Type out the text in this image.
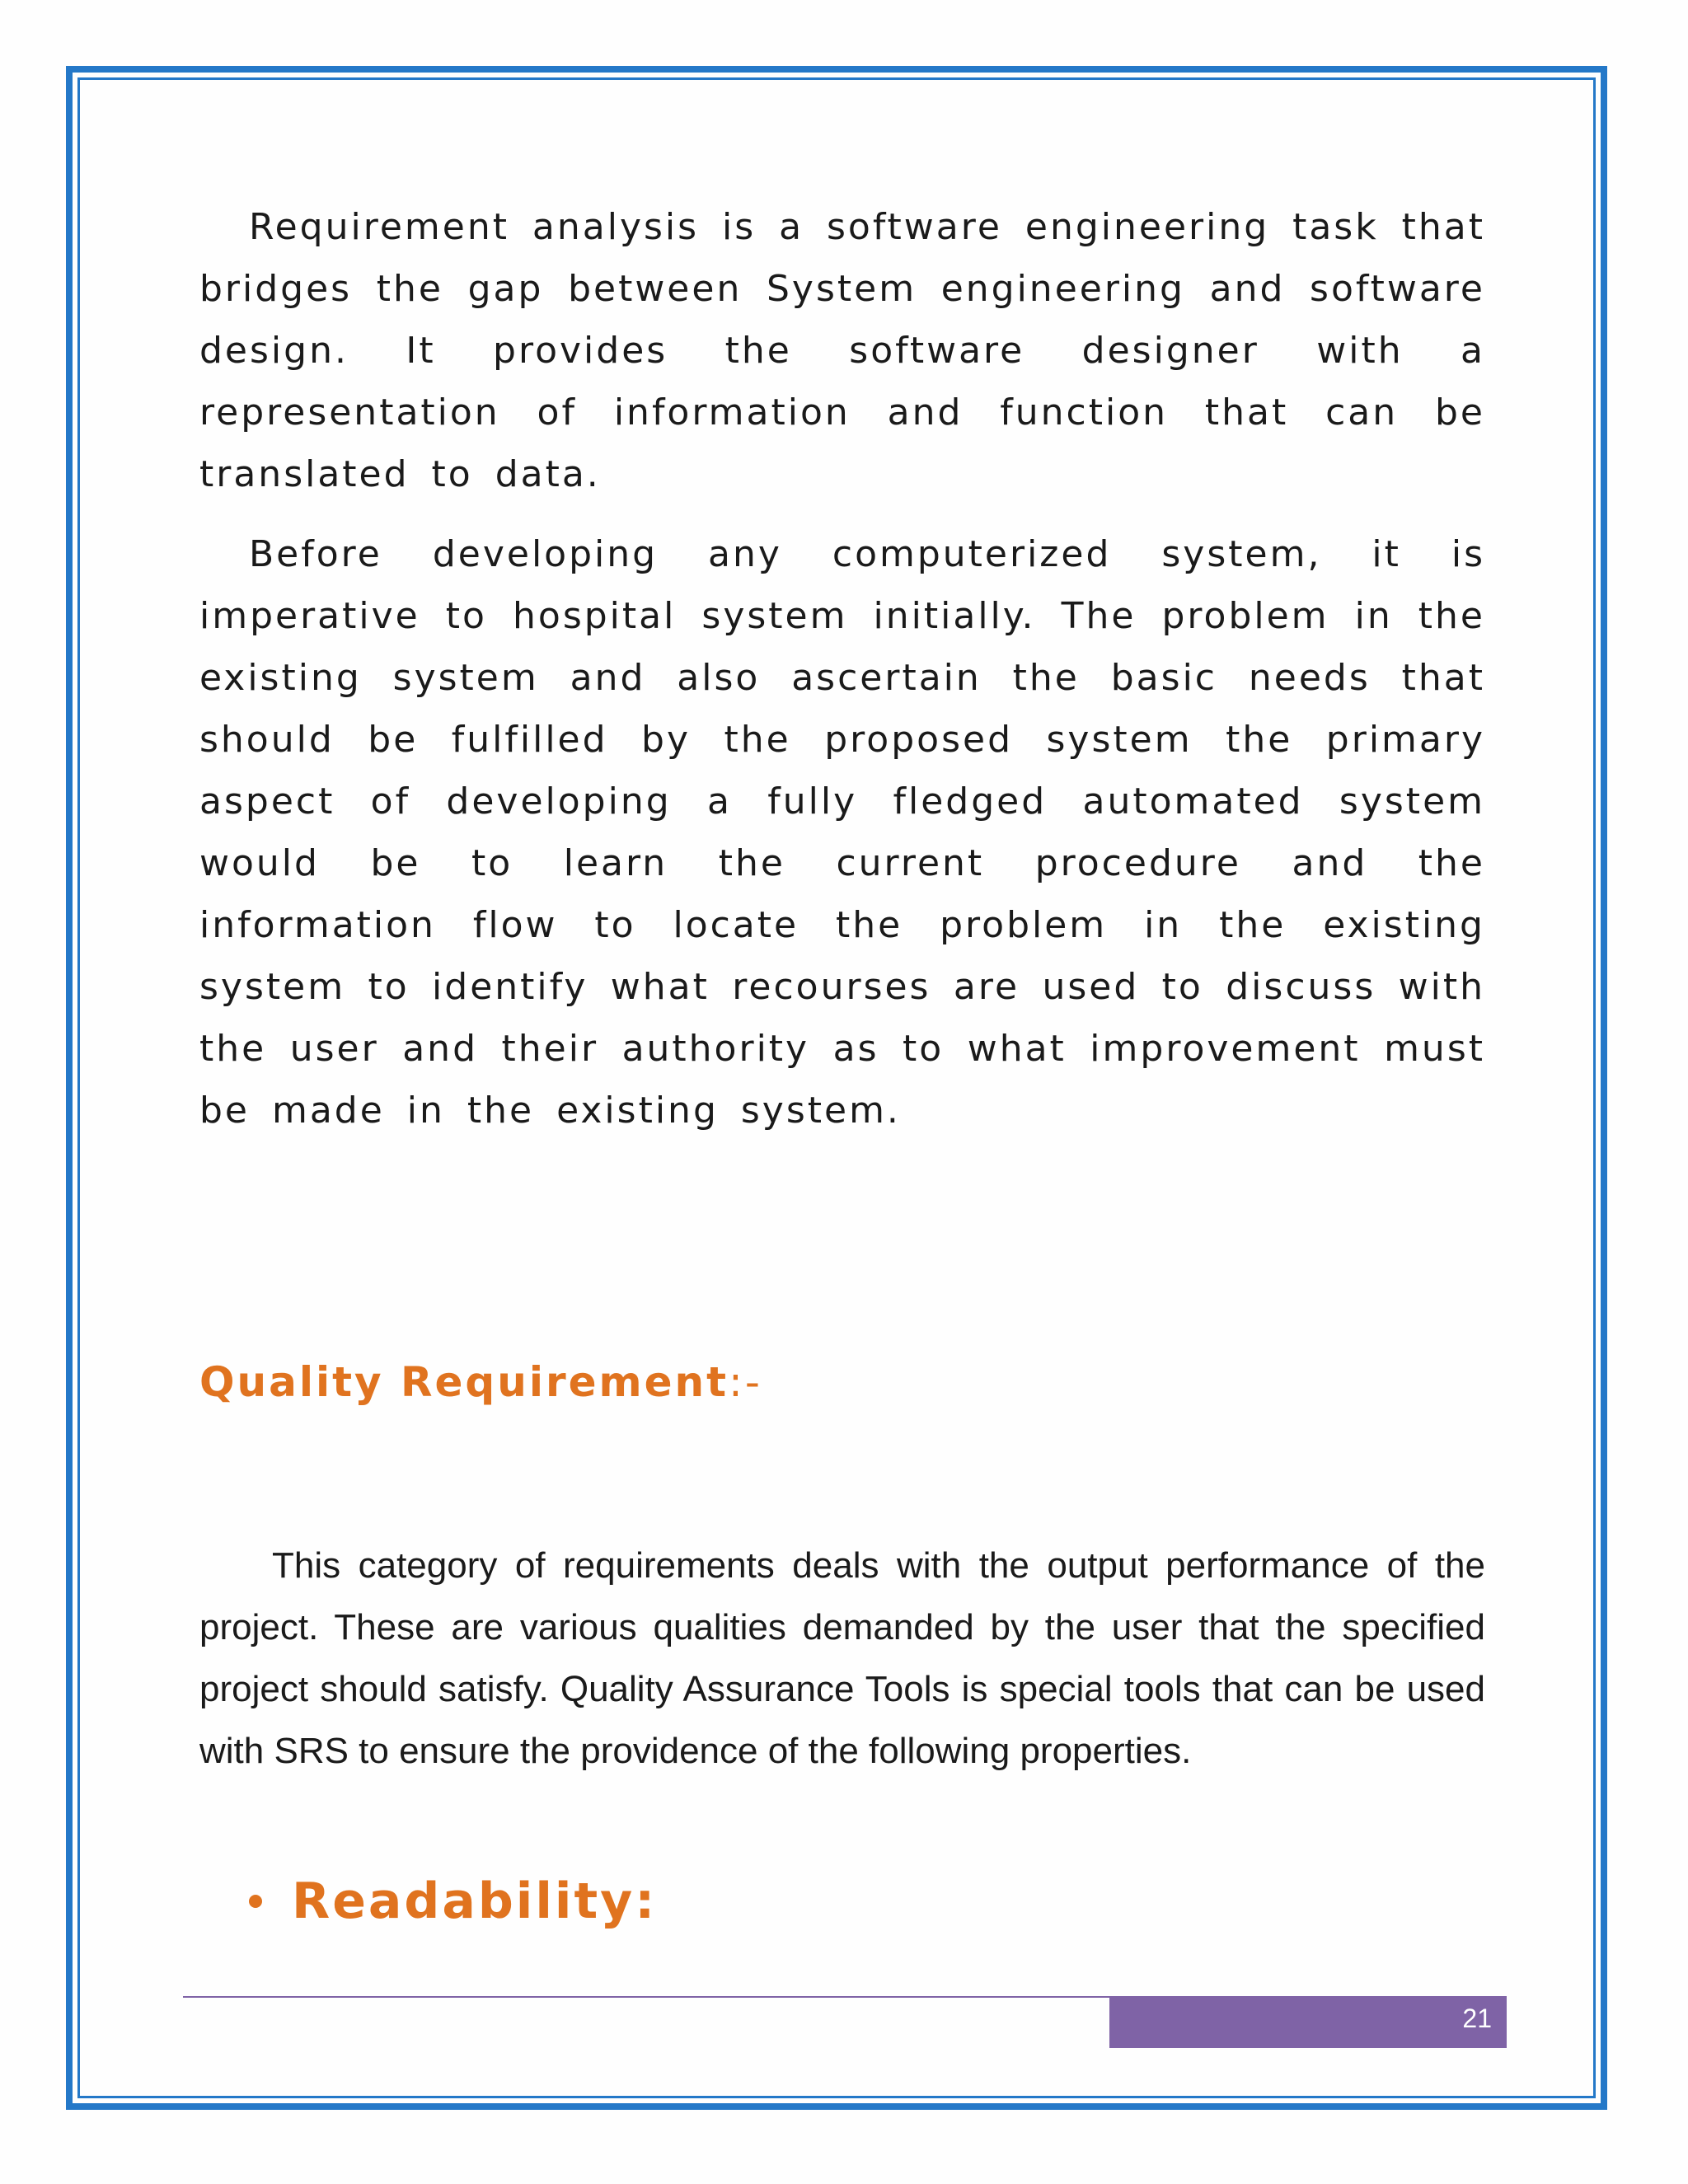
Requirement analysis is a software engineering task that bridges the gap between System engineering and software design. It provides the software designer with a representation of information and function that can be translated to data.

Before developing any computerized system, it is imperative to hospital system initially. The problem in the existing system and also ascertain the basic needs that should be fulfilled by the proposed system the primary aspect of developing a fully fledged automated system would be to learn the current procedure and the information flow to locate the problem in the existing system to identify what recourses are used to discuss with the user and their authority as to what improvement must be made in the existing system.

Quality Requirement:-

This category of requirements deals with the output performance of the project. These are various qualities demanded by the user that the specified project should satisfy. Quality Assurance Tools is special tools that can be used with SRS to ensure the providence of the following properties.

Readability:
21
